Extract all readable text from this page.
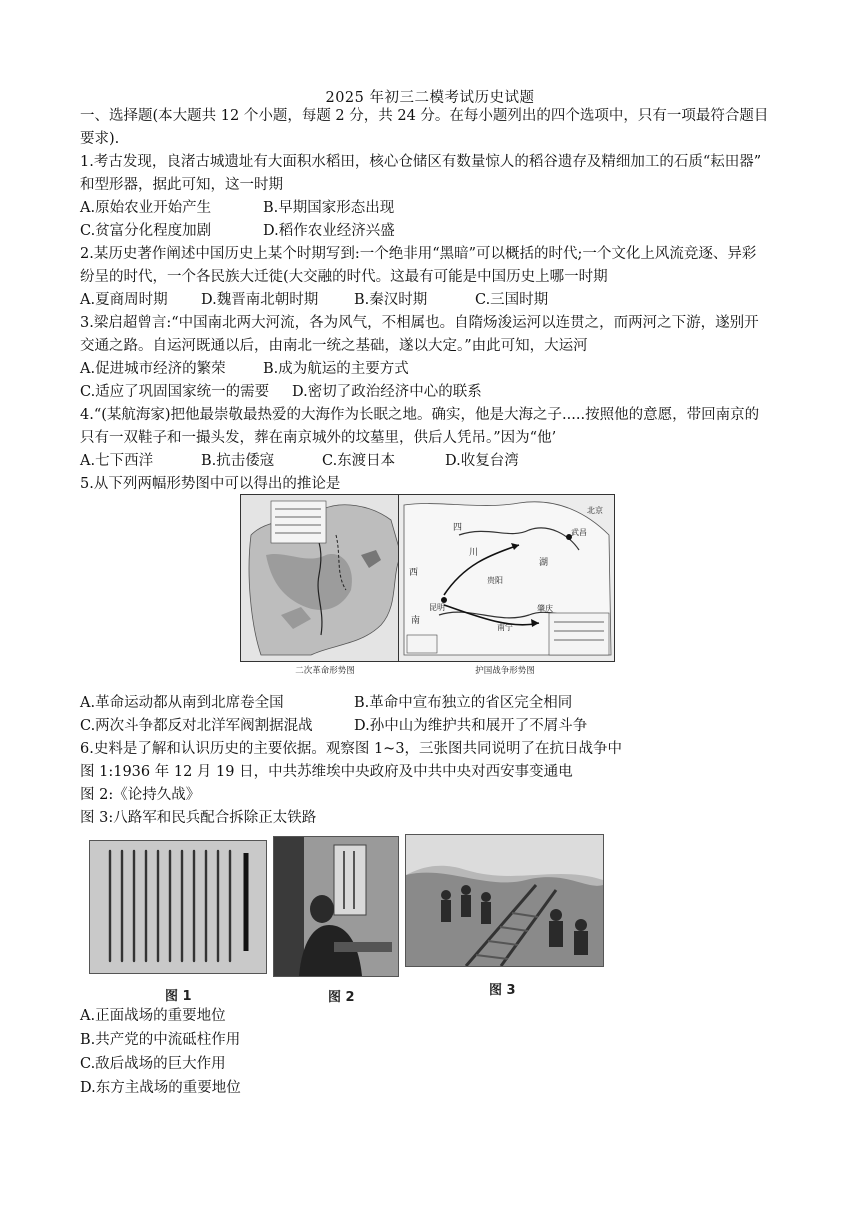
2025 年初三二模考试历史试题
一、选择题(本大题共 12 个小题，每题 2 分，共 24 分。在每小题列出的四个选项中，只有一项最符合题目
要求).
1.考古发现，良渚古城遗址有大面积水稻田，核心仓储区有数量惊人的稻谷遗存及精细加工的石质“耘田器”
和型形器，据此可知，这一时期
A.原始农业开始产生	B.早期国家形态出现
C.贫富分化程度加剧	D.稻作农业经济兴盛
2.某历史著作阐述中国历史上某个时期写到:一个绝非用“黑暗”可以概括的时代;一个文化上风流竞逐、异彩
纷呈的时代，一个各民族大迁徙(大交融的时代。这最有可能是中国历史上哪一时期
A.夏商周时期 D.魏晋南北朝时期 B.秦汉时期	C.三国时期
3.梁启超曾言:“中国南北两大河流，各为风气，不相属也。自隋炀浚运河以连贯之，而两河之下游，遂别开
交通之路。自运河既通以后，由南北一统之基础，遂以大定。”由此可知，大运河
A.促进城市经济的繁荣	B.成为航运的主要方式
C.适应了巩固国家统一的需要 D.密切了政治经济中心的联系
4.“(某航海家)把他最崇敬最热爱的大海作为长眠之地。确实，他是大海之子.....按照他的意愿，带回南京的
只有一双鞋子和一撮头发，葬在南京城外的坟墓里，供后人凭吊。”因为“他’
A.七下西洋	B.抗击倭寇	C.东渡日本	D.收复台湾
5.从下列两幅形势图中可以得出的推论是
二次革命形势图
四
川
武昌
贵阳
昆明
南宁
肇庆
西
南
湖
北京
护国战争形势图
A.革命运动都从南到北席卷全国	B.革命中宣布独立的省区完全相同
C.两次斗争都反对北洋军阀割据混战	D.孙中山为维护共和展开了不屑斗争
6.史料是了解和认识历史的主要依据。观察图 1~3，三张图共同说明了在抗日战争中
图 1:1936 年 12 月 19 日，中共苏维埃中央政府及中共中央对西安事变通电
图 2:《论持久战》
图 3:八路军和民兵配合拆除正太铁路
图 1	图 2	图 3
A.正面战场的重要地位
B.共产党的中流砥柱作用
C.敌后战场的巨大作用
D.东方主战场的重要地位
